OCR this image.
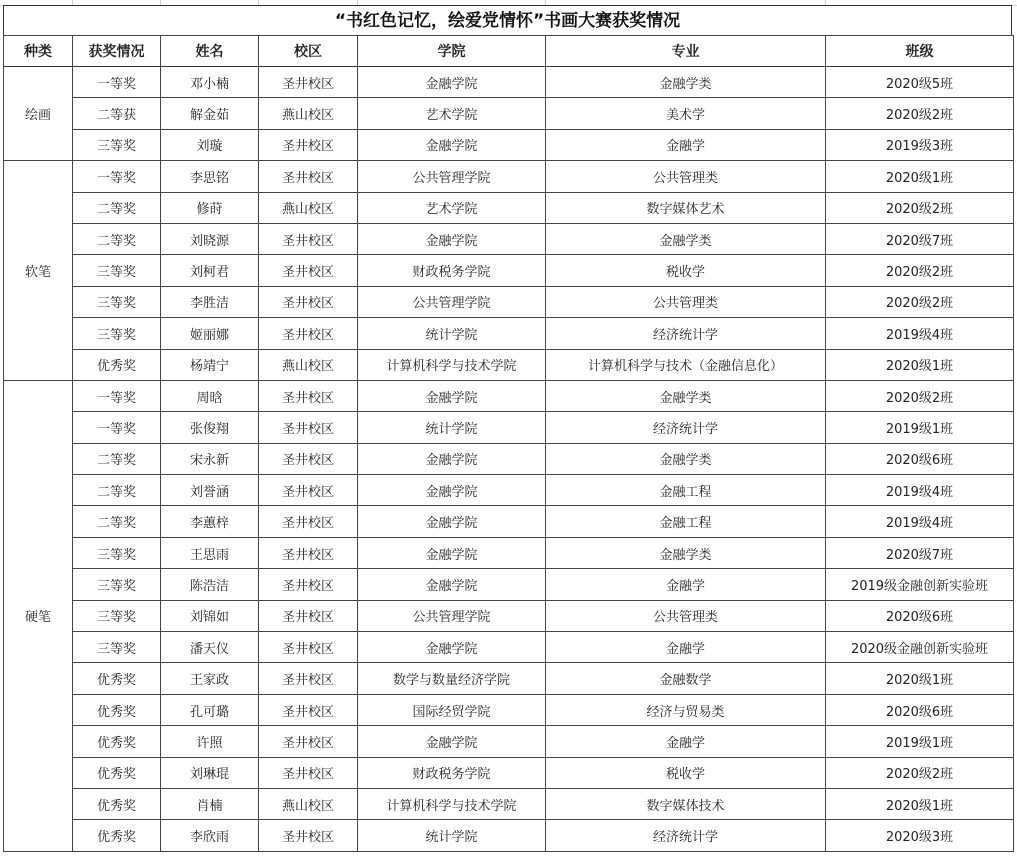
“书红色记忆，绘爱党情怀”书画大赛获奖情况
种类	获奖情况	姓名	校区	学院	专业	班级
绘画	一等奖	邓小楠	圣井校区	金融学院	金融学类	2020级5班
	二等获	解金茹	燕山校区	艺术学院	美术学	2020级2班
	三等奖	刘璇	圣井校区	金融学院	金融学	2019级3班
软笔	一等奖	李思铭	圣井校区	公共管理学院	公共管理类	2020级1班
	二等奖	修莳	燕山校区	艺术学院	数字媒体艺术	2020级2班
	二等奖	刘晓源	圣井校区	金融学院	金融学类	2020级7班
	三等奖	刘柯君	圣井校区	财政税务学院	税收学	2020级2班
	三等奖	李胜洁	圣井校区	公共管理学院	公共管理类	2020级2班
	三等奖	姬丽娜	圣井校区	统计学院	经济统计学	2019级4班
	优秀奖	杨靖宁	燕山校区	计算机科学与技术学院	计算机科学与技术（金融信息化）	2020级1班
硬笔	一等奖	周晗	圣井校区	金融学院	金融学类	2020级2班
	一等奖	张俊翔	圣井校区	统计学院	经济统计学	2019级1班
	二等奖	宋永新	圣井校区	金融学院	金融学类	2020级6班
	二等奖	刘誉涵	圣井校区	金融学院	金融工程	2019级4班
	二等奖	李蕙梓	圣井校区	金融学院	金融工程	2019级4班
	三等奖	王思雨	圣井校区	金融学院	金融学类	2020级7班
	三等奖	陈浩洁	圣井校区	金融学院	金融学	2019级金融创新实验班
	三等奖	刘锦如	圣井校区	公共管理学院	公共管理类	2020级6班
	三等奖	潘天仪	圣井校区	金融学院	金融学	2020级金融创新实验班
	优秀奖	王家政	圣井校区	数学与数量经济学院	金融数学	2020级1班
	优秀奖	孔可璐	圣井校区	国际经贸学院	经济与贸易类	2020级6班
	优秀奖	许照	圣井校区	金融学院	金融学	2019级1班
	优秀奖	刘琳琨	圣井校区	财政税务学院	税收学	2020级2班
	优秀奖	肖楠	燕山校区	计算机科学与技术学院	数字媒体技术	2020级1班
	优秀奖	李欣雨	圣井校区	统计学院	经济统计学	2020级3班
